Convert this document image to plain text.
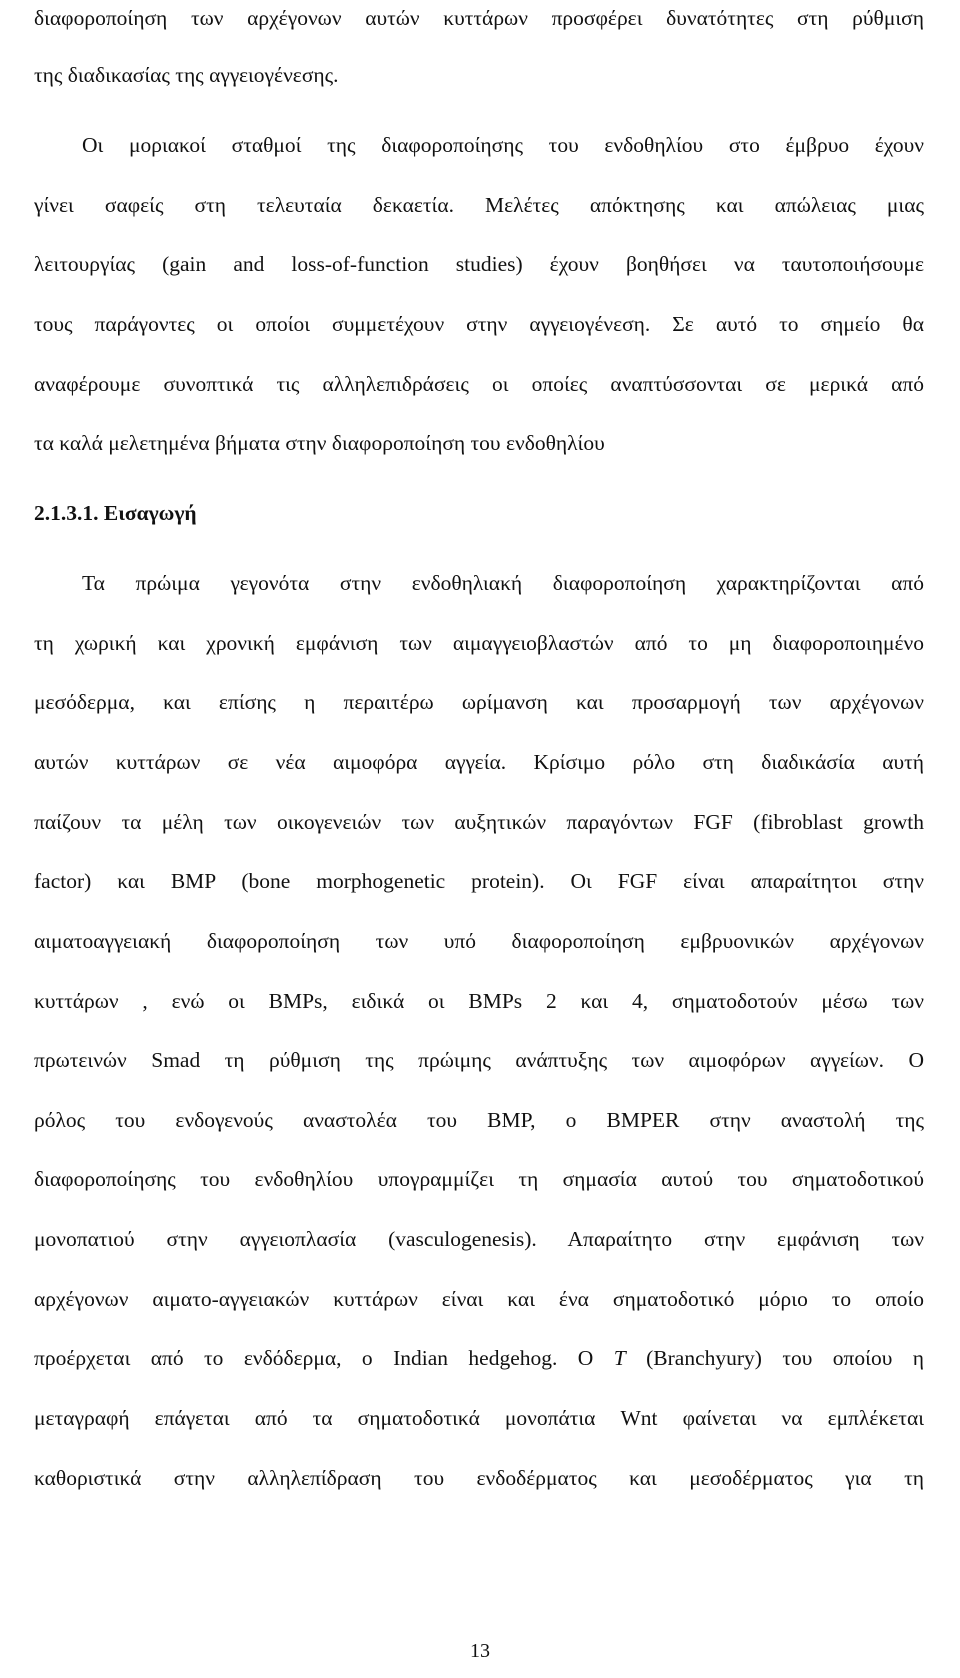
διαφοροποίηση των αρχέγονων αυτών κυττάρων προσφέρει δυνατότητες στη ρύθμιση
της διαδικασίας της αγγειογένεσης.
Οι μοριακοί σταθμοί της διαφοροποίησης του ενδοθηλίου στο έμβρυο έχουν
γίνει σαφείς στη τελευταία δεκαετία. Μελέτες απόκτησης και απώλειας μιας
λειτουργίας (gain and loss-of-function studies) έχουν βοηθήσει να ταυτοποιήσουμε
τους παράγοντες οι οποίοι συμμετέχουν στην αγγειογένεση. Σε αυτό το σημείο θα
αναφέρουμε συνοπτικά τις αλληλεπιδράσεις οι οποίες αναπτύσσονται σε μερικά από
τα καλά μελετημένα βήματα στην διαφοροποίηση του ενδοθηλίου
2.1.3.1. Εισαγωγή
Τα πρώιμα γεγονότα στην ενδοθηλιακή διαφοροποίηση χαρακτηρίζονται από
τη χωρική και χρονική εμφάνιση των αιμαγγειοβλαστών από το μη διαφοροποιημένο
μεσόδερμα, και επίσης η περαιτέρω ωρίμανση και προσαρμογή των αρχέγονων
αυτών κυττάρων σε νέα αιμοφόρα αγγεία. Κρίσιμο ρόλο στη διαδικάσία αυτή
παίζουν τα μέλη των οικογενειών των αυξητικών παραγόντων FGF (fibroblast growth
factor) και BMP (bone morphogenetic protein). Οι FGF είναι απαραίτητοι στην
αιματοαγγειακή διαφοροποίηση των υπό διαφοροποίηση εμβρυονικών αρχέγονων
κυττάρων , ενώ οι BMPs, ειδικά οι BMPs 2 και 4, σηματοδοτούν μέσω των
πρωτεινών Smad τη ρύθμιση της πρώιμης ανάπτυξης των αιμοφόρων αγγείων. Ο
ρόλος του ενδογενούς αναστολέα του BMP, ο BMPER στην αναστολή της
διαφοροποίησης του ενδοθηλίου υπογραμμίζει τη σημασία αυτού του σηματοδοτικού
μονοπατιού στην αγγειοπλασία (vasculogenesis). Απαραίτητο στην εμφάνιση των
αρχέγονων αιματο-αγγειακών κυττάρων είναι και ένα σηματοδοτικό μόριο το οποίο
προέρχεται από το ενδόδερμα, ο Indian hedgehog. O T (Branchyury) του οποίου η
μεταγραφή επάγεται από τα σηματοδοτικά μονοπάτια Wnt φαίνεται να εμπλέκεται
καθοριστικά στην αλληλεπίδραση του ενδοδέρματος και μεσοδέρματος για τη
13
